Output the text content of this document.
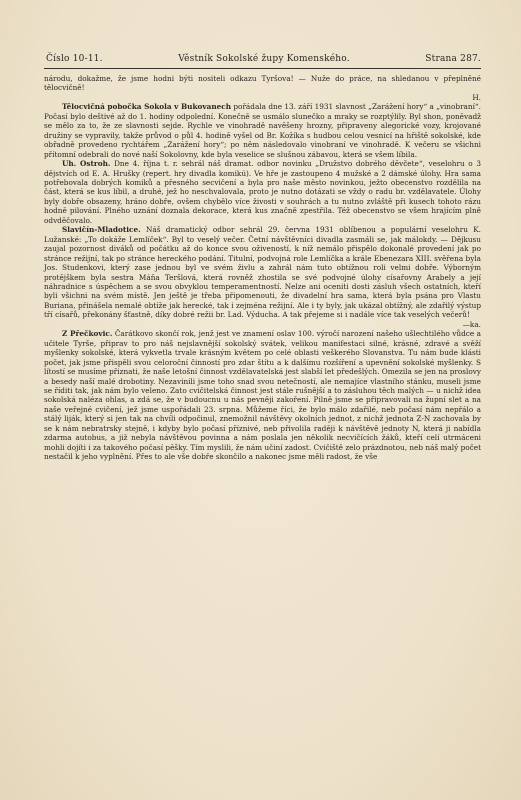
Číslo 10-11.	Věstník Sokolské župy Komenského.	Strana 287.

národu, dokažme, že jsme hodni býti nositeli odkazu Tyršova! — Nuže do práce, na shledanou v přeplněné tělocvičně!

H.

Tělocvičná pobočka Sokola v Bukovanech pořádala dne 13. září 1931 slavnost „Zarážení hory“ a „vinobraní“. Počasí bylo deštivé až do 1. hodiny odpolední. Konečně se usmálo slunečko a mraky se rozptýlily. Byl shon, poněvadž se mělo za to, že ze slavnosti sejde. Rychle ve vinohradě navěšeny hrozny, připraveny alegorické vozy, krojované družiny se vypravily, takže průvod o půl 4. hodině vyšel od Br. Kožíka s hudbou celou vesnicí na hřiště sokolské, kde obřadně provedeno rychtářem „Zarážení hory“; po něm následovalo vinobraní ve vinohradě. K večeru se všichni přítomní odebrali do nové naší Sokolovny, kde byla veselice se slušnou zábavou, která se všem líbila.

Uh. Ostroh. Dne 4. října t. r. sehrál náš dramat. odbor novinku „Družstvo dobrého děvčete“, veselohru o 3 dějstvích od E. A. Hrušky (repert. hry divadla komikú). Ve hře je zastoupeno 4 mužské a 2 dámské úlohy. Hra sama potřebovala dobrých komiků a přesného secvičení a byla pro naše město novinkou, ježto obecenstvo rozdělila na část, která se kus líbil, a druhé, jež ho neschvalovala, proto je nutno dotázati se vždy o radu br. vzdělavatele. Úlohy byly dobře obsazeny, hráno dobře, ovšem chybělo více živosti v souhrách a tu nutno zvláště při kusech tohoto rázu hodně pilování. Plného uznání doznala dekorace, která kus značně zpestřila. Též obecenstvo se všem hrajícím plně odvděčovalo.

Slavičín-Mladotice. Náš dramatický odbor sehrál 29. června 1931 oblíbenou a populární veselohru K. Lužanské: „To dokáže Lemlíček“. Byl to veselý večer. Četní návštěvníci divadla zasmáli se, jak málokdy. — Dějkusu zaujal pozornost diváků od počátku až do konce svou oživeností, k níž nemálo přispělo dokonalé provedení jak po stránce režijní, tak po stránce hereckého podání. Titulní, podvojná role Lemlíčka a krále Ebenezara XIII. svěřena byla Jos. Studenkovi, který zase jednou byl ve svém živlu a zahrál nám tuto obtížnou roli velmi dobře. Výborným protějškem byla sestra Máňa Teršlová, která rovněž zhostila se své podvojné úlohy císařovny Arabely a její náhradnice s úspěchem a se svou obvyklou temperamentností. Nelze ani oceniti dosti zásluh všech ostatních, kteří byli všichni na svém místě. Jen ještě je třeba připomenouti, že divadelní hra sama, která byla psána pro Vlastu Burianа, přinášela nemalé obtíže jak herecké, tak i zejména režijní. Ale i ty byly, jak ukázal obtížný, ale zdařilý výstup tří císařů, překonány šťastně, díky dobré režii br. Lad. Výducha. A tak přejeme si i nadále více tak veselých večerů!

—ka.

Z Přečkovic. Čarátkovo skončí rok, jenž jest ve znamení oslav 100. výročí narození našeho ušlechtilého vůdce a učitele Tyrše, připrav to pro náš nejslavnější sokolský svátek, velikou manifestaci silné, krásné, zdravé a svěží myšlenky sokolské, která vykvetla trvale krásným květem po celé oblasti veškerého Slovanstva. Tu nám bude klásti počet, jak jsme přispěli svou celoroční činností pro zdar štítu a k dalšímu rozšíření a upevnění sokolské myšlenky. S lítostí se musíme přiznati, že naše letošní činnost vzdělavatelská jest slabší let předešlých. Omezila se jen na proslovy a besedy naší malé drobotiny. Nezaviníli jsme toho snad svou netečností, ale nemajíce vlastního stánku, museli jsme se říditi tak, jak nám bylo veleno. Zato cvičitelská činnost jest stále rušnější a to zásluhou těch malých — u nichž idea sokolská naléza ohlas, a zdá se, že v budoucnu u nás pevněji zakoření. Pilně jsme se připravovali na župní slet a na naše veřejné cvičení, jež jsme uspořádali 23. srpna. Můžeme říci, že bylo málo zdařilé, neb počasí nám nepřálo a stálý liják, který si jen tak na chvíli odpočinul, znemožnil návštěvy okolních jednot, z nichž jednota Z-N zachovala by se k nám nebratrsky stejně, i kdyby bylo počasí příznivé, neb přivolila raději k návštěvě jednoty N, která ji nabídla zdarma autobus, a již nebyla návštěvou povinna a nám poslala jen několik necvičících žáků, kteří celí utrmáceni mohli dojíti i za takového počasí pěšky. Tím myslili, že nám učiní zadost. Cvičiště zelo prázdnotou, neb náš malý počet nestačil k jeho vyplnění. Přes to ale vše dobře skončilo a nakonec jsme měli radost, že vše
